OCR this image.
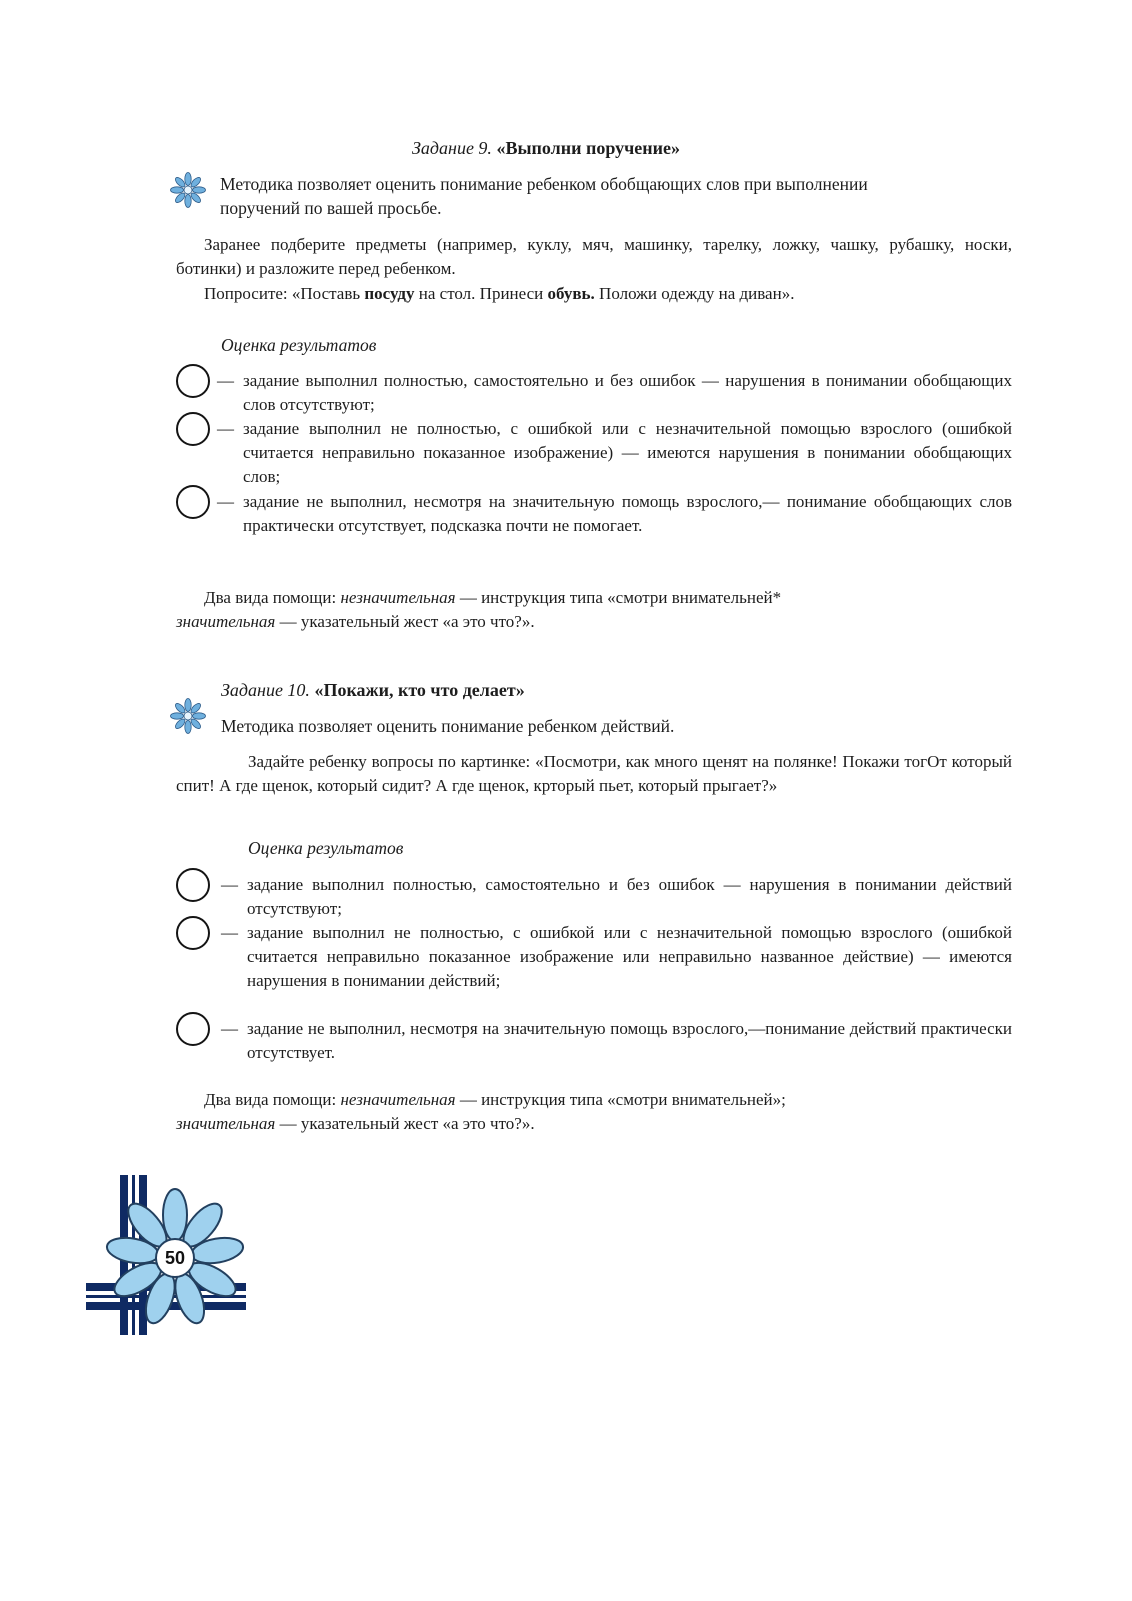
Задание 9. «Выполни поручение»
Методика позволяет оценить понимание ребенком обобщающих слов при выполнении поручений по вашей просьбе.
Заранее подберите предметы (например, куклу, мяч, машинку, тарелку, ложку, чашку, рубашку, носки, ботинки) и разложите перед ребенком.
Попросите: «Поставь посуду на стол. Принеси обувь. Положи одежду на диван».
Оценка результатов
— задание выполнил полностью, самостоятельно и без ошибок — нарушения в понимании обобщающих слов отсутствуют;
— задание выполнил не полностью, с ошибкой или с незначительной помощью взрослого (ошибкой считается неправильно показанное изображение) — имеются нарушения в понимании обобщающих слов;
— задание не выполнил, несмотря на значительную помощь взрослого,— понимание обобщающих слов практически отсутствует, подсказка почти не помогает.
Два вида помощи: незначительная — инструкция типа «смотри внимательней*
значительная — указательный жест «а это что?».
Задание 10. «Покажи, кто что делает»
Методика позволяет оценить понимание ребенком действий.
Задайте ребенку вопросы по картинке: «Посмотри, как много щенят на полянке! Покажи тогОт который спит! А где щенок, который сидит? А где щенок, крторый пьет, который прыгает?»
Оценка результатов
— задание выполнил полностью, самостоятельно и без ошибок — нарушения в понимании действий отсутствуют;
— задание выполнил не полностью, с ошибкой или с незначительной помощью взрослого (ошибкой считается неправильно показанное изображение или неправильно названное действие) — имеются нарушения в понимании действий;
— задание не выполнил, несмотря на значительную помощь взрослого,—понимание действий практически отсутствует.
Два вида помощи: незначительная — инструкция типа «смотри внимательней»;
значительная — указательный жест «а это что?».
50
